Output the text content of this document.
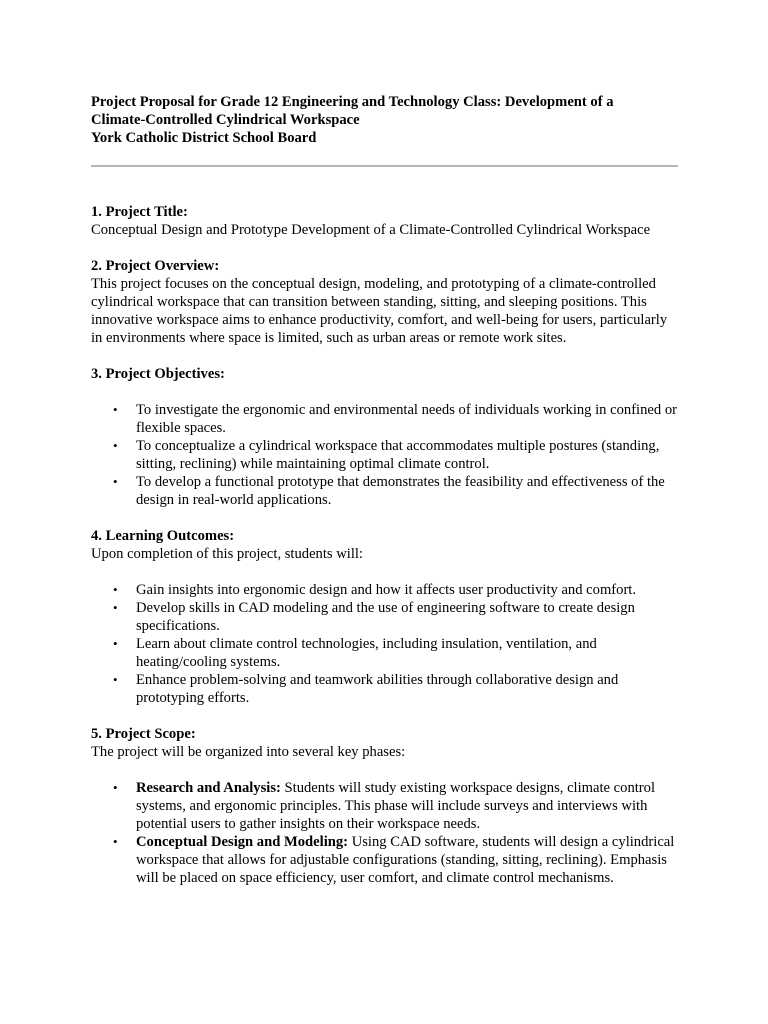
Project Proposal for Grade 12 Engineering and Technology Class: Development of a
Climate-Controlled Cylindrical Workspace
York Catholic District School Board
1. Project Title:

Conceptual Design and Prototype Development of a Climate-Controlled Cylindrical Workspace

2. Project Overview:

This project focuses on the conceptual design, modeling, and prototyping of a climate-controlled cylindrical workspace that can transition between standing, sitting, and sleeping positions. This innovative workspace aims to enhance productivity, comfort, and well-being for users, particularly in environments where space is limited, such as urban areas or remote work sites.

3. Project Objectives:
• To investigate the ergonomic and environmental needs of individuals working in confined or flexible spaces.
• To conceptualize a cylindrical workspace that accommodates multiple postures (standing, sitting, reclining) while maintaining optimal climate control.
• To develop a functional prototype that demonstrates the feasibility and effectiveness of the design in real-world applications.
4. Learning Outcomes:

Upon completion of this project, students will:

• Gain insights into ergonomic design and how it affects user productivity and comfort.
• Develop skills in CAD modeling and the use of engineering software to create design specifications.
• Learn about climate control technologies, including insulation, ventilation, and heating/cooling systems.
• Enhance problem-solving and teamwork abilities through collaborative design and prototyping efforts.
5. Project Scope:

The project will be organized into several key phases:

• Research and Analysis: Students will study existing workspace designs, climate control systems, and ergonomic principles. This phase will include surveys and interviews with potential users to gather insights on their workspace needs.
• Conceptual Design and Modeling: Using CAD software, students will design a cylindrical workspace that allows for adjustable configurations (standing, sitting, reclining). Emphasis will be placed on space efficiency, user comfort, and climate control mechanisms.
